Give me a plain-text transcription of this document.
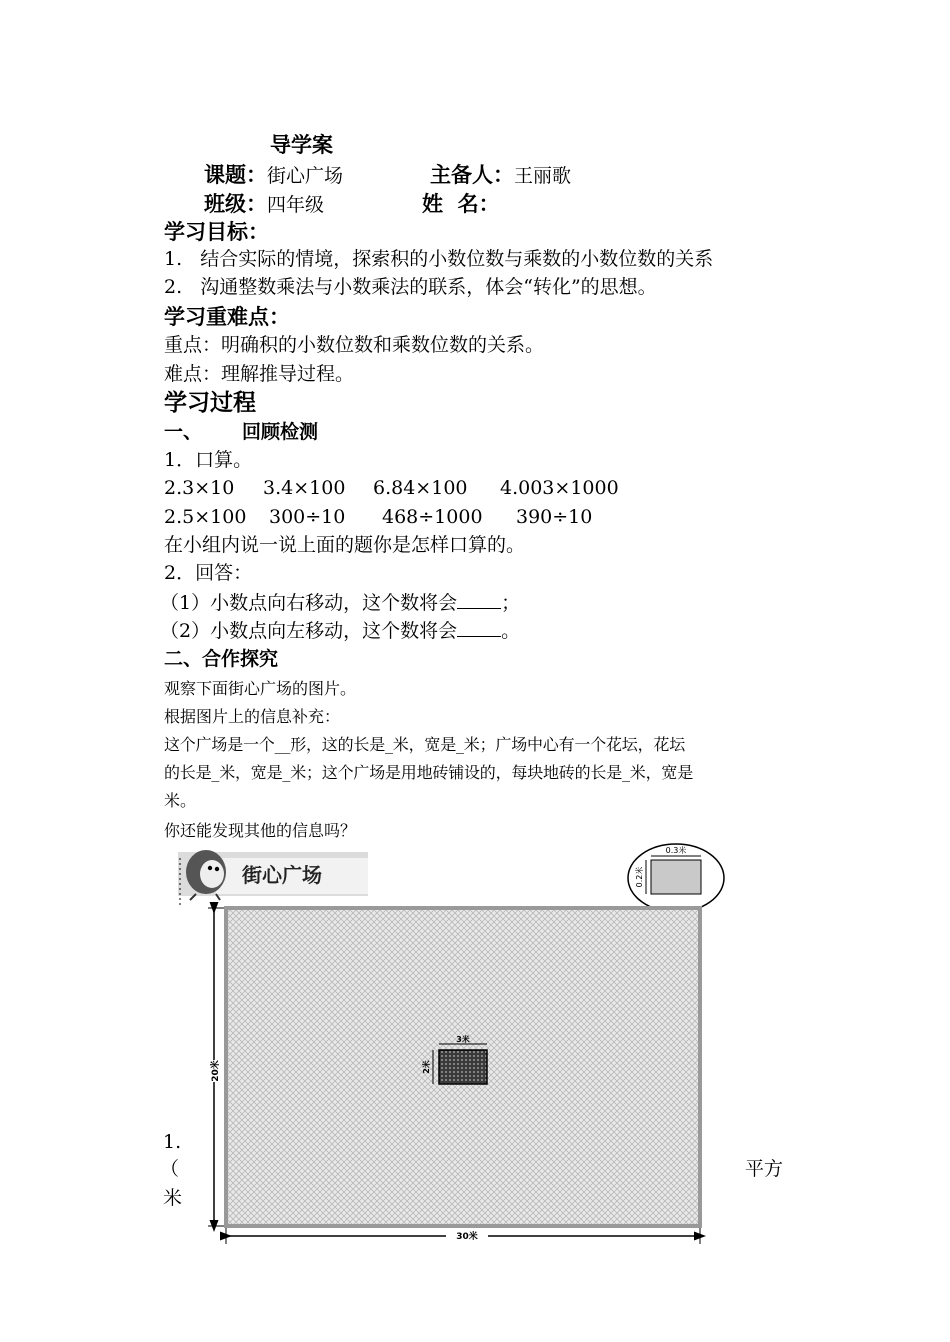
导学案
课题：街心广场	主备人：王丽歌
班级：四年级	姓  名：
学习目标：
1.   结合实际的情境，探索积的小数位数与乘数的小数位数的关系
2.   沟通整数乘法与小数乘法的联系，体会“转化”的思想。
学习重难点：
重点：明确积的小数位数和乘数位数的关系。
难点：理解推导过程。
学习过程
一、 回顾检测
1．口算。
2.3×10 3.4×100 6.84×100 4.003×1000
2.5×100 300÷10 468÷1000 390÷10
在小组内说一说上面的题你是怎样口算的。
2．回答：
（1）小数点向右移动，这个数将会 ；
（2）小数点向左移动，这个数将会 。
二、合作探究
观察下面街心广场的图片。
根据图片上的信息补充：
这个广场是一个__形，这的长是_米，宽是_米；广场中心有一个花坛，花坛
的长是_米，宽是_米；这个广场是用地砖铺设的，每块地砖的长是_米，宽是
米。
你还能发现其他的信息吗？
1.
（
米
平方
街心广场
0.3米
0.2米
3米
2米
20米
30米
